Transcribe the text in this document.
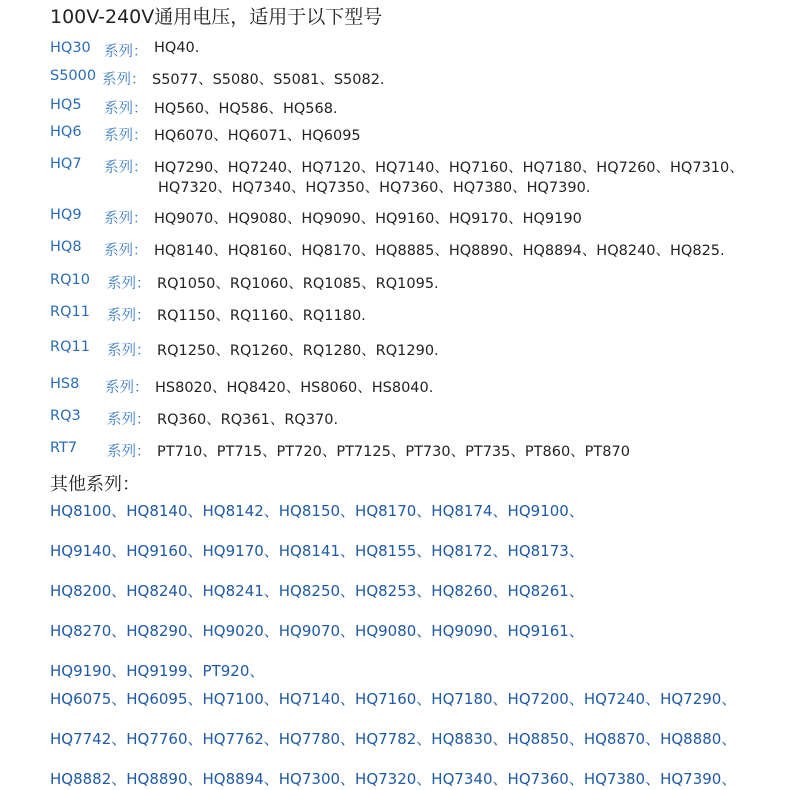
100V-240V通用电压，适用于以下型号
HQ30 系列： HQ40.
S5000 系列： S5077、S5080、S5081、S5082.
HQ5 系列： HQ560、HQ586、HQ568.
HQ6 系列： HQ6070、HQ6071、HQ6095
HQ7 系列： HQ7290、HQ7240、HQ7120、HQ7140、HQ7160、HQ7180、HQ7260、HQ7310、
HQ7320、HQ7340、HQ7350、HQ7360、HQ7380、HQ7390.
HQ9 系列： HQ9070、HQ9080、HQ9090、HQ9160、HQ9170、HQ9190
HQ8 系列： HQ8140、HQ8160、HQ8170、HQ8885、HQ8890、HQ8894、HQ8240、HQ825.
RQ10 系列： RQ1050、RQ1060、RQ1085、RQ1095.
RQ11 系列： RQ1150、RQ1160、RQ1180.
RQ11 系列： RQ1250、RQ1260、RQ1280、RQ1290.
HS8 系列： HS8020、HQ8420、HS8060、HS8040.
RQ3 系列： RQ360、RQ361、RQ370.
RT7 系列： PT710、PT715、PT720、PT7125、PT730、PT735、PT860、PT870
其他系列：
HQ8100、HQ8140、HQ8142、HQ8150、HQ8170、HQ8174、HQ9100、
HQ9140、HQ9160、HQ9170、HQ8141、HQ8155、HQ8172、HQ8173、
HQ8200、HQ8240、HQ8241、HQ8250、HQ8253、HQ8260、HQ8261、
HQ8270、HQ8290、HQ9020、HQ9070、HQ9080、HQ9090、HQ9161、
HQ9190、HQ9199、PT920、
HQ6075、HQ6095、HQ7100、HQ7140、HQ7160、HQ7180、HQ7200、HQ7240、HQ7290、
HQ7742、HQ7760、HQ7762、HQ7780、HQ7782、HQ8830、HQ8850、HQ8870、HQ8880、
HQ8882、HQ8890、HQ8894、HQ7300、HQ7320、HQ7340、HQ7360、HQ7380、HQ7390、
